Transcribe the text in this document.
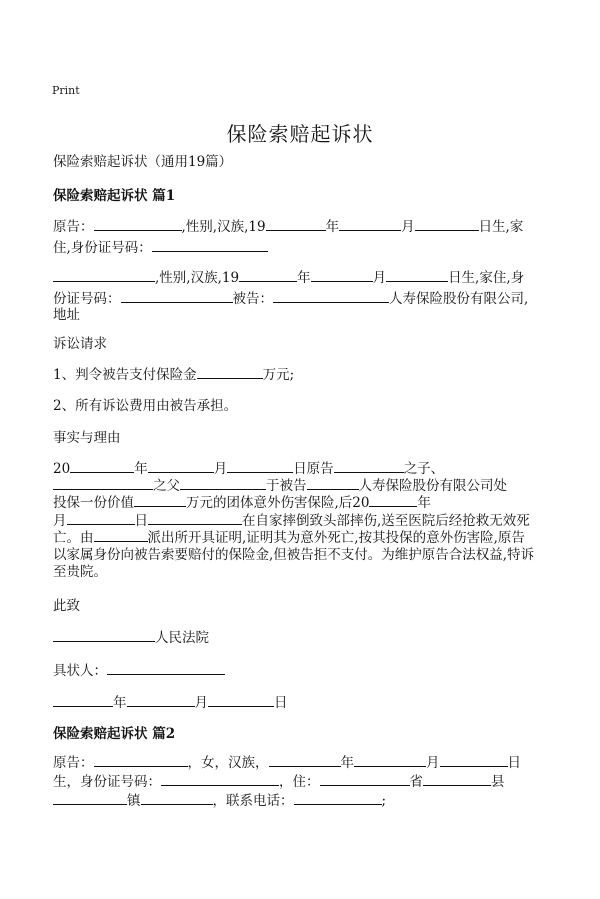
Print
保险索赔起诉状
保险索赔起诉状（通用19篇）
保险索赔起诉状 篇1
原告：	,性别,汉族,19	年	月	日生,家
住,身份证号码：
,性别,汉族,19	年	月	日生,家住,身
份证号码：	被告：	人寿保险股份有限公司,
地址
诉讼请求
1、判令被告支付保险金	万元;
2、所有诉讼费用由被告承担。
事实与理由
20	年	月	日原告	之子、
之父	于被告	人寿保险股份有限公司处
投保一份价值	万元的团体意外伤害保险,后20	年
月	日	在自家摔倒致头部摔伤,送至医院后经抢救无效死
亡。由	派出所开具证明,证明其为意外死亡,按其投保的意外伤害险,原告
以家属身份向被告索要赔付的保险金,但被告拒不支付。为维护原告合法权益,特诉
至贵院。
此致
人民法院
具状人：
年	月	日
保险索赔起诉状 篇2
原告：	，女，汉族，	年	月	日
生，身份证号码：	，住：	省	县
镇	，联系电话：	;
